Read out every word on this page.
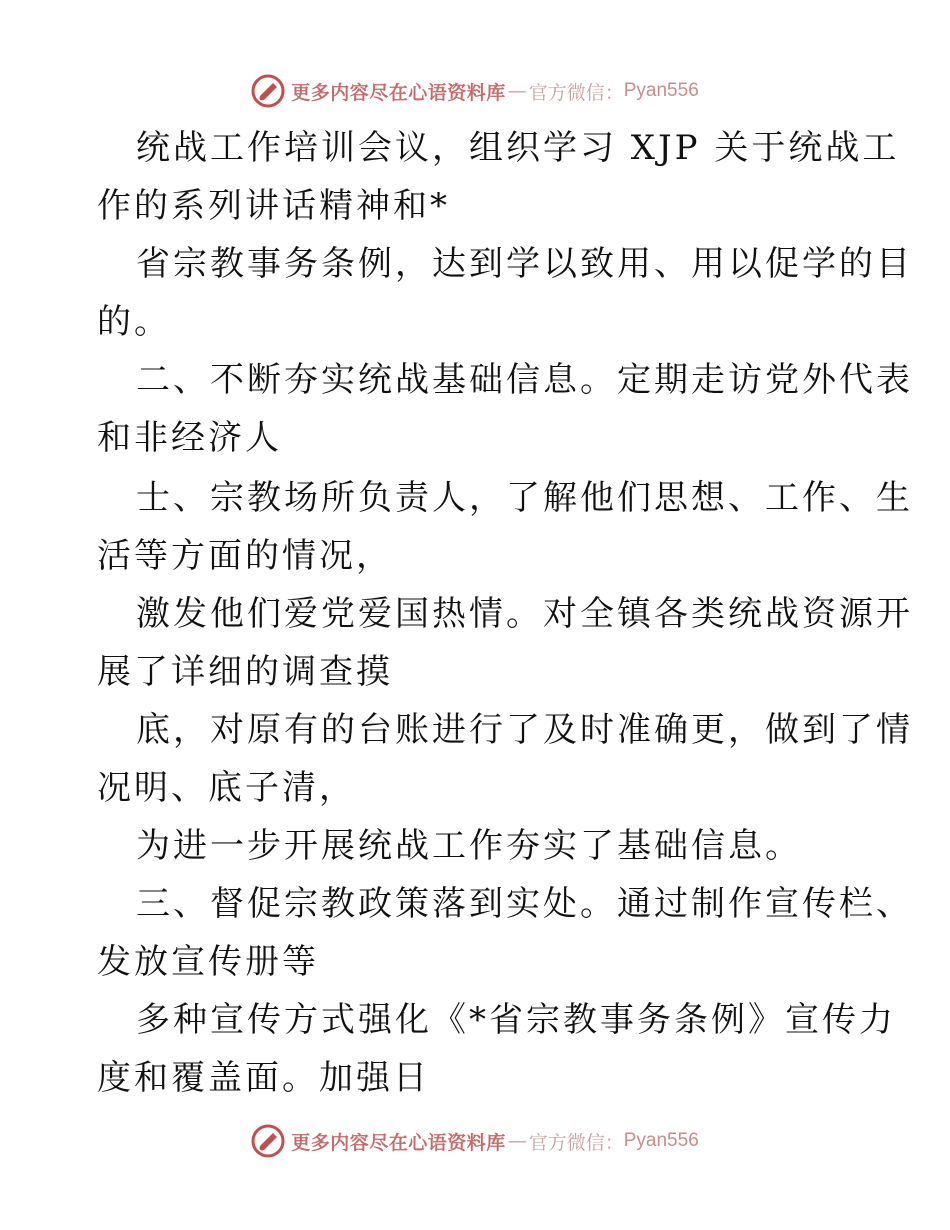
更多内容尽在心语资料库 — 官方微信： Pyan556
统战工作培训会议，组织学习 XJP 关于统战工
作的系列讲话精神和*
省宗教事务条例，达到学以致用、用以促学的目
的。
二、不断夯实统战基础信息。定期走访党外代表
和非经济人
士、宗教场所负责人，了解他们思想、工作、生
活等方面的情况，
激发他们爱党爱国热情。对全镇各类统战资源开
展了详细的调查摸
底，对原有的台账进行了及时准确更，做到了情
况明、底子清，
为进一步开展统战工作夯实了基础信息。
三、督促宗教政策落到实处。通过制作宣传栏、
发放宣传册等
多种宣传方式强化《*省宗教事务条例》宣传力
度和覆盖面。加强日
更多内容尽在心语资料库 — 官方微信： Pyan556
